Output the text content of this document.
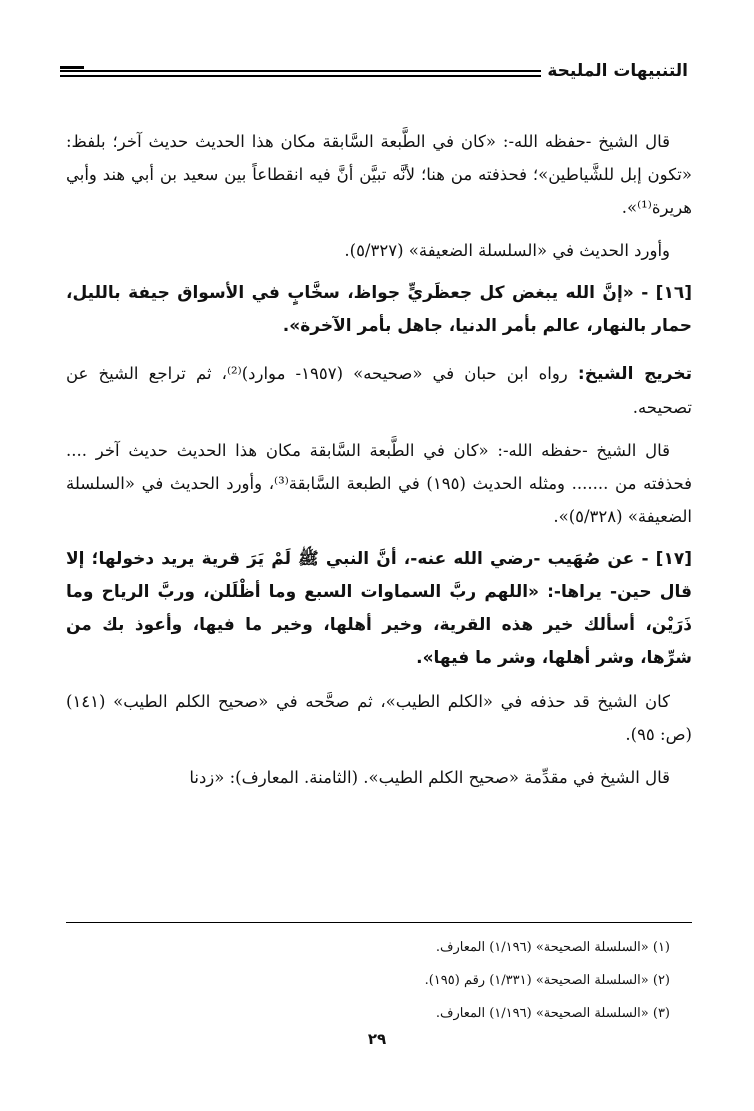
التنبيهات المليحة

قال الشيخ -حفظه الله-: «كان في الطَّبعة السَّابقة مكان هذا الحديث حديث آخر؛ بلفظ: «تكون إبل للشَّياطين»؛ فحذفته من هنا؛ لأنَّه تبيَّن أنَّ فيه انقطاعاً بين سعيد بن أبي هند وأبي هريرة⁽¹⁾».

وأورد الحديث في «السلسلة الضعيفة» (٥/٣٢٧).

[١٦] - «إنَّ الله يبغض كل جعظَريٍّ جواظ، سخَّابٍ في الأسواق جيفة بالليل، حمار بالنهار، عالم بأمر الدنيا، جاهل بأمر الآخرة».

تخريج الشيخ: رواه ابن حبان في «صحيحه» (١٩٥٧- موارد)⁽²⁾، ثم تراجع الشيخ عن تصحيحه.

قال الشيخ -حفظه الله-: «كان في الطَّبعة السَّابقة مكان هذا الحديث حديث آخر .... فحذفته من ....... ومثله الحديث (١٩٥) في الطبعة السَّابقة⁽³⁾، وأورد الحديث في «السلسلة الضعيفة» (٥/٣٢٨)».

[١٧] - عن صُهَيب -رضي الله عنه-، أنَّ النبي ﷺ لَمْ يَرَ قرية يريد دخولها؛ إلا قال حين- يراها-: «اللهم ربَّ السماوات السبع وما أظْلَلن، وربَّ الرياح وما ذَرَيْن، أسألك خير هذه القرية، وخير أهلها، وخير ما فيها، وأعوذ بك من شرِّها، وشر أهلها، وشر ما فيها».

كان الشيخ قد حذفه في «الكلم الطيب»، ثم صحَّحه في «صحيح الكلم الطيب» (١٤١) (ص: ٩٥).

قال الشيخ في مقدِّمة «صحيح الكلم الطيب». (الثامنة. المعارف): «زدنا

(١) «السلسلة الصحيحة» (١/١٩٦) المعارف.
(٢) «السلسلة الصحيحة» (١/٣٣١) رقم (١٩٥).
(٣) «السلسلة الصحيحة» (١/١٩٦) المعارف.
٢٩
